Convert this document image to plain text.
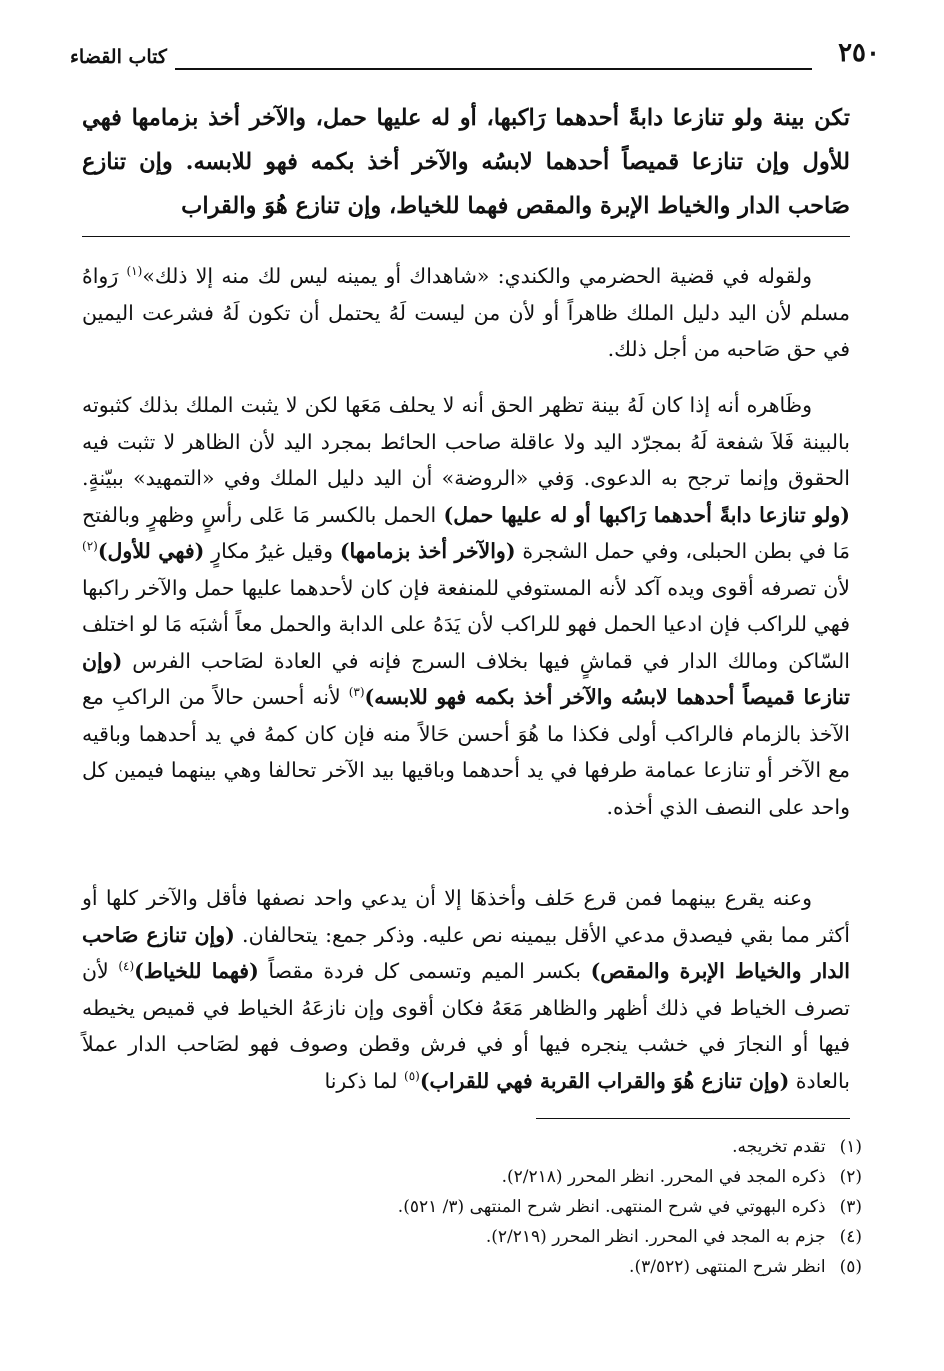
٢٥٠
كتاب القضاء
تكن بينة ولو تنازعا دابةً أحدهما رَاكبها، أو له عليها حمل، والآخر أخذ بزمامها فهي للأول وإن تنازعا قميصاً أحدهما لابسُه والآخر أخذ بكمه فهو للابسه. وإن تنازع صَاحب الدار والخياط الإبرة والمقص فهما للخياط، وإن تنازع هُوَ والقراب

ولقوله في قضية الحضرمي والكندي: «شاهداك أو يمينه ليس لك منه إلا ذلك»$^{(١)}$ رَواهُ مسلم لأن اليد دليل الملك ظاهراً أو لأن من ليست لَهُ يحتمل أن تكون لَهُ فشرعت اليمين في حق صَاحبه من أجل ذلك.

وظَاهره أنه إذا كان لَهُ بينة تظهر الحق أنه لا يحلف مَعَها لكن لا يثبت الملك بذلك كثبوته بالبينة فَلاَ شفعة لَهُ بمجرّد اليد ولا عاقلة صاحب الحائط بمجرد اليد لأن الظاهر لا تثبت فيه الحقوق وإنما ترجح به الدعوى. وَفي «الروضة» أن اليد دليل الملك وفي «التمهيد» ببيّنةٍ. (ولو تنازعا دابةً أحدهما رَاكبها أو له عليها حمل) الحمل بالكسر مَا عَلى رأسٍ وظهرٍ وبالفتح مَا في بطن الحبلى، وفي حمل الشجرة (والآخر أخذ بزمامها) وقيل غيرُ مكارٍ (فهي للأول)$^{(٢)}$ لأن تصرفه أقوى ويده آكد لأنه المستوفي للمنفعة فإن كان لأحدهما عليها حمل والآخر راكبها فهي للراكب فإن ادعيا الحمل فهو للراكب لأن يَدَهُ على الدابة والحمل معاً أشبَه مَا لو اختلف السّاكن ومالك الدار في قماشٍ فيها بخلاف السرج فإنه في العادة لصَاحب الفرس (وإن تنازعا قميصاً أحدهما لابسُه والآخر أخذ بكمه فهو للابسه)$^{(٣)}$ لأنه أحسن حالاً من الراكبِ مع الآخذ بالزمام فالراكب أولى فكذا ما هُوَ أحسن حَالاً منه فإن كان كمهُ في يد أحدهما وباقيه مع الآخر أو تنازعا عمامة طرفها في يد أحدهما وباقيها بيد الآخر تحالفا وهي بينهما فيمين كل واحد على النصف الذي أخذه.

وعنه يقرع بينهما فمن قرع حَلف وأخذهَا إلا أن يدعي واحد نصفها فأقل والآخر كلها أو أكثر مما بقي فيصدق مدعي الأقل بيمينه نص عليه. وذكر جمع: يتحالفان. (وإن تنازع صَاحب الدار والخياط الإبرة والمقص) بكسر الميم وتسمى كل فردة مقصاً (فهما للخياط)$^{(٤)}$ لأن تصرف الخياط في ذلك أظهر والظاهر مَعَهُ فكان أقوى وإن نازعَهُ الخياط في قميص يخيطه فيها أو النجارَ في خشب ينجره فيها أو في فرش وقطن وصوف فهو لصَاحب الدار عملاً بالعادة (وإن تنازع هُوَ والقراب القربة فهي للقراب)$^{(٥)}$ لما ذكرنا

(١)تقدم تخريجه.
(٢)ذكره المجد في المحرر. انظر المحرر (٢/٢١٨).
(٣)ذكره البهوتي في شرح المنتهى. انظر شرح المنتهى (٣/ ٥٢١).
(٤)جزم به المجد في المحرر. انظر المحرر (٢/٢١٩).
(٥)انظر شرح المنتهى (٣/٥٢٢).
